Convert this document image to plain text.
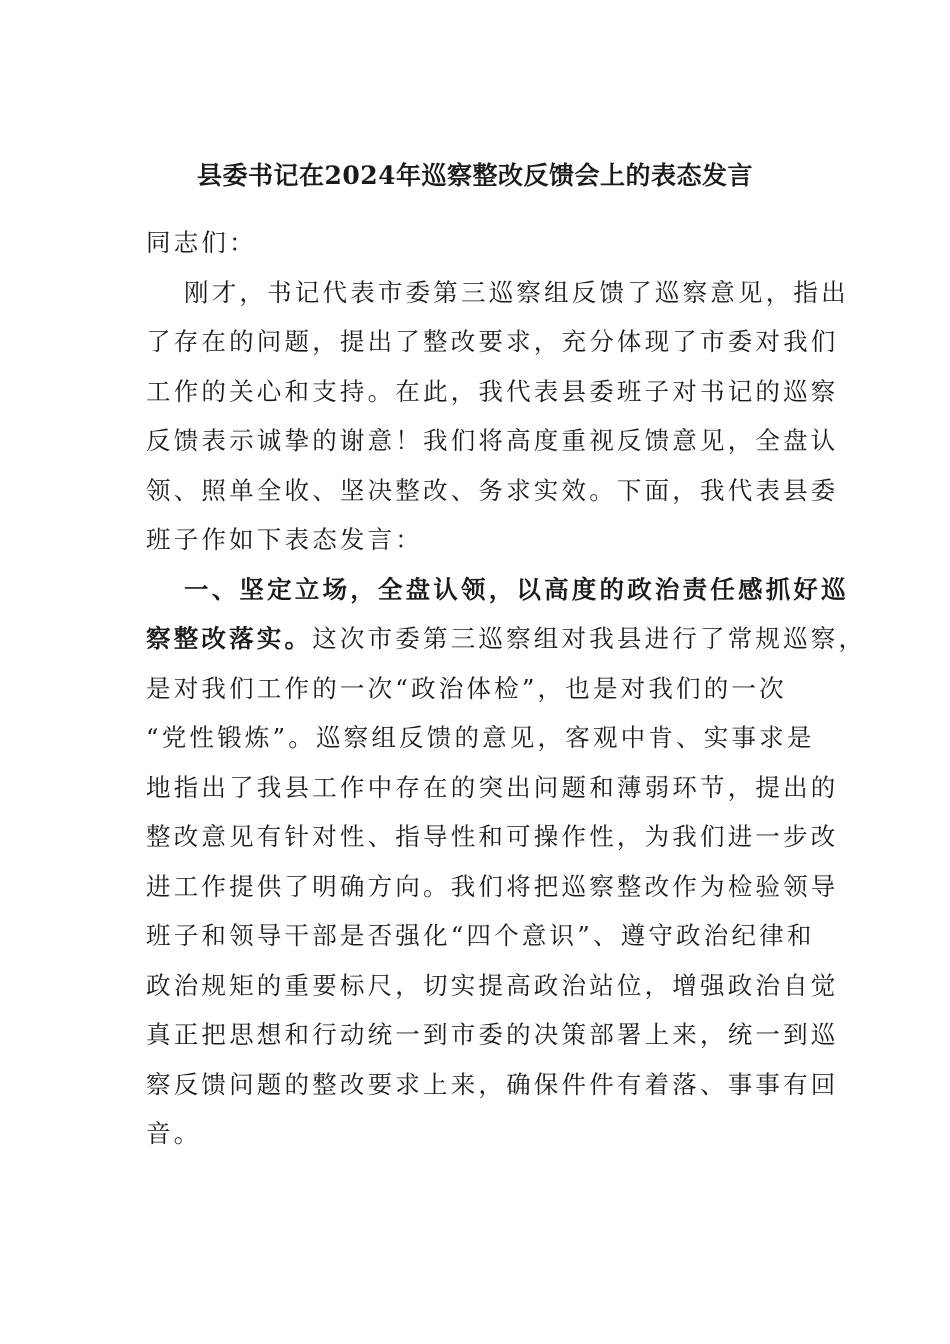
县委书记在2024年巡察整改反馈会上的表态发言
同志们：
刚才，书记代表市委第三巡察组反馈了巡察意见，指出
了存在的问题，提出了整改要求，充分体现了市委对我们
工作的关心和支持。在此，我代表县委班子对书记的巡察
反馈表示诚挚的谢意！我们将高度重视反馈意见，全盘认
领、照单全收、坚决整改、务求实效。下面，我代表县委
班子作如下表态发言：
一、坚定立场，全盘认领，以高度的政治责任感抓好巡
察整改落实。这次市委第三巡察组对我县进行了常规巡察，
是对我们工作的一次“政治体检”，也是对我们的一次
“党性锻炼”。巡察组反馈的意见，客观中肯、实事求是
地指出了我县工作中存在的突出问题和薄弱环节，提出的
整改意见有针对性、指导性和可操作性，为我们进一步改
进工作提供了明确方向。我们将把巡察整改作为检验领导
班子和领导干部是否强化“四个意识”、遵守政治纪律和
政治规矩的重要标尺，切实提高政治站位，增强政治自觉
真正把思想和行动统一到市委的决策部署上来，统一到巡
察反馈问题的整改要求上来，确保件件有着落、事事有回
音。
